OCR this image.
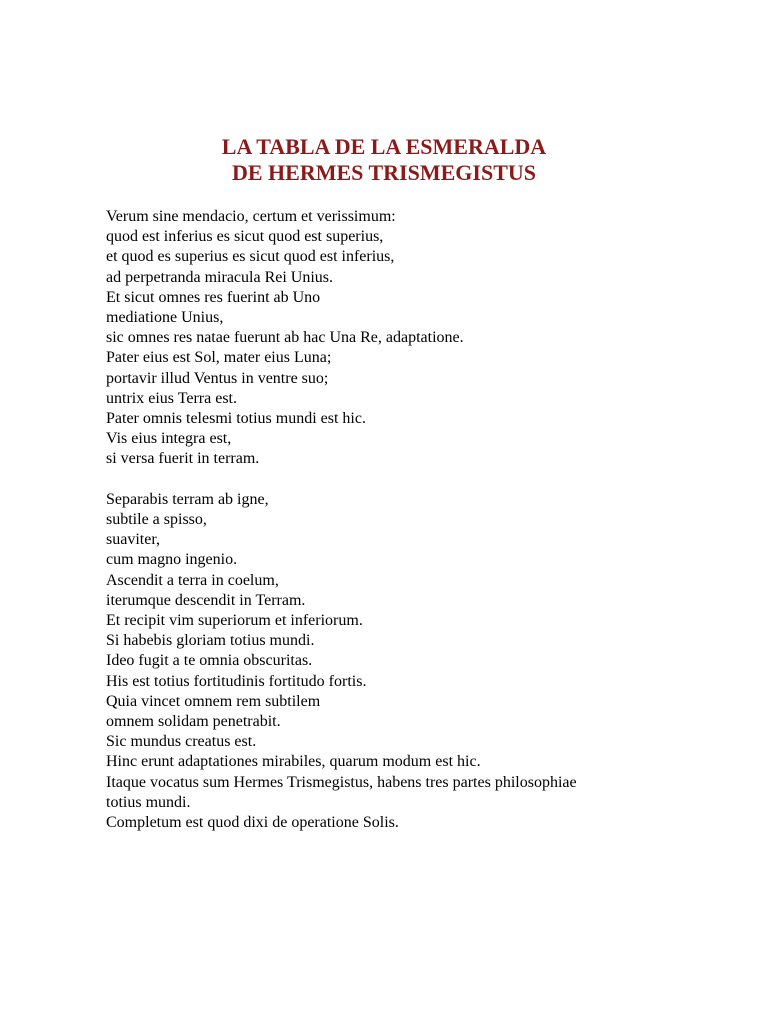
LA TABLA DE LA ESMERALDA
DE HERMES TRISMEGISTUS
Verum sine mendacio, certum et verissimum:
quod est inferius es sicut quod est superius,
et quod es superius es sicut quod est inferius,
ad perpetranda miracula Rei Unius.
Et sicut omnes res fuerint ab Uno
mediatione Unius,
sic omnes res natae fuerunt ab hac Una Re, adaptatione.
Pater eius est Sol, mater eius Luna;
portavir illud Ventus in ventre suo;
untrix eius Terra est.
Pater omnis telesmi totius mundi est hic.
Vis eius integra est,
si versa fuerit in terram.
Separabis terram ab igne,
subtile a spisso,
suaviter,
cum magno ingenio.
Ascendit a terra in coelum,
iterumque descendit in Terram.
Et recipit vim superiorum et inferiorum.
Si habebis gloriam totius mundi.
Ideo fugit a te omnia obscuritas.
His est totius fortitudinis fortitudo fortis.
Quia vincet omnem rem subtilem
omnem solidam penetrabit.
Sic mundus creatus est.
Hinc erunt adaptationes mirabiles, quarum modum est hic.
Itaque vocatus sum Hermes Trismegistus, habens tres partes philosophiae
totius mundi.
Completum est quod dixi de operatione Solis.
